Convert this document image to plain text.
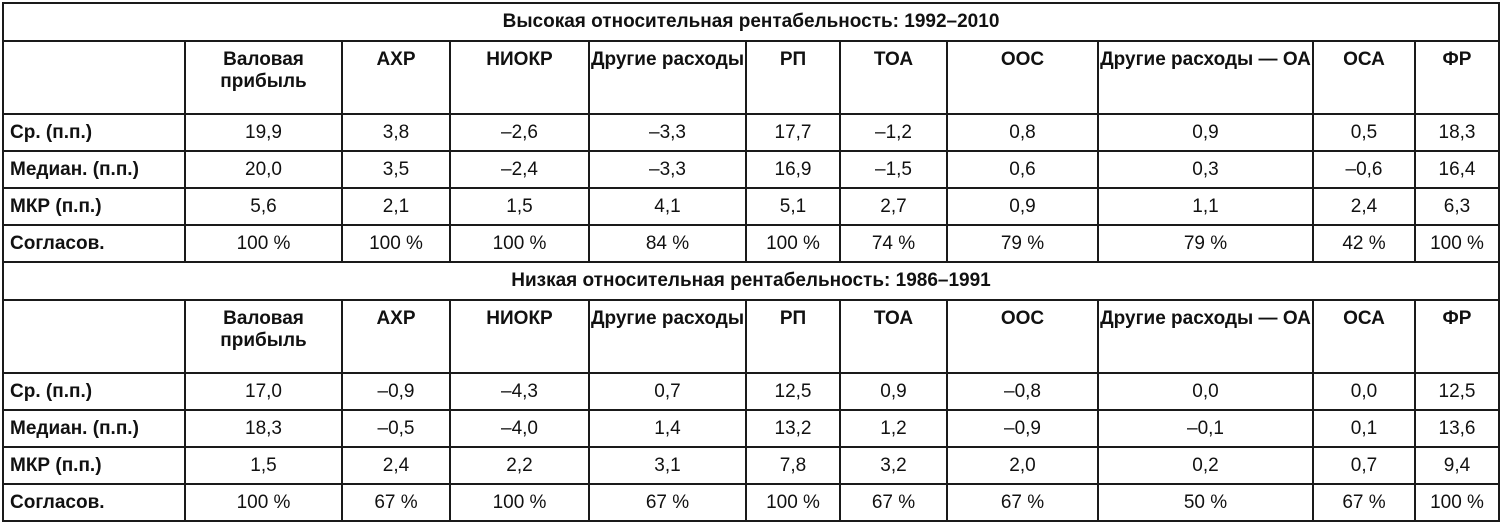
Высокая относительная рентабельность: 1992–2010										
	Валовая прибыль	АХР	НИОКР	Другие расходы	РП	ТОА	ООС	Другие расходы — ОА	ОСА	ФР
Ср. (п.п.)	19,9	3,8	–2,6	–3,3	17,7	–1,2	0,8	0,9	0,5	18,3
Медиан. (п.п.)	20,0	3,5	–2,4	–3,3	16,9	–1,5	0,6	0,3	–0,6	16,4
МКР (п.п.)	5,6	2,1	1,5	4,1	5,1	2,7	0,9	1,1	2,4	6,3
Согласов.	100 %	100 %	100 %	84 %	100 %	74 %	79 %	79 %	42 %	100 %
Низкая относительная рентабельность: 1986–1991										
	Валовая прибыль	АХР	НИОКР	Другие расходы	РП	ТОА	ООС	Другие расходы — ОА	ОСА	ФР
Ср. (п.п.)	17,0	–0,9	–4,3	0,7	12,5	0,9	–0,8	0,0	0,0	12,5
Медиан. (п.п.)	18,3	–0,5	–4,0	1,4	13,2	1,2	–0,9	–0,1	0,1	13,6
МКР (п.п.)	1,5	2,4	2,2	3,1	7,8	3,2	2,0	0,2	0,7	9,4
Согласов.	100 %	67 %	100 %	67 %	100 %	67 %	67 %	50 %	67 %	100 %
